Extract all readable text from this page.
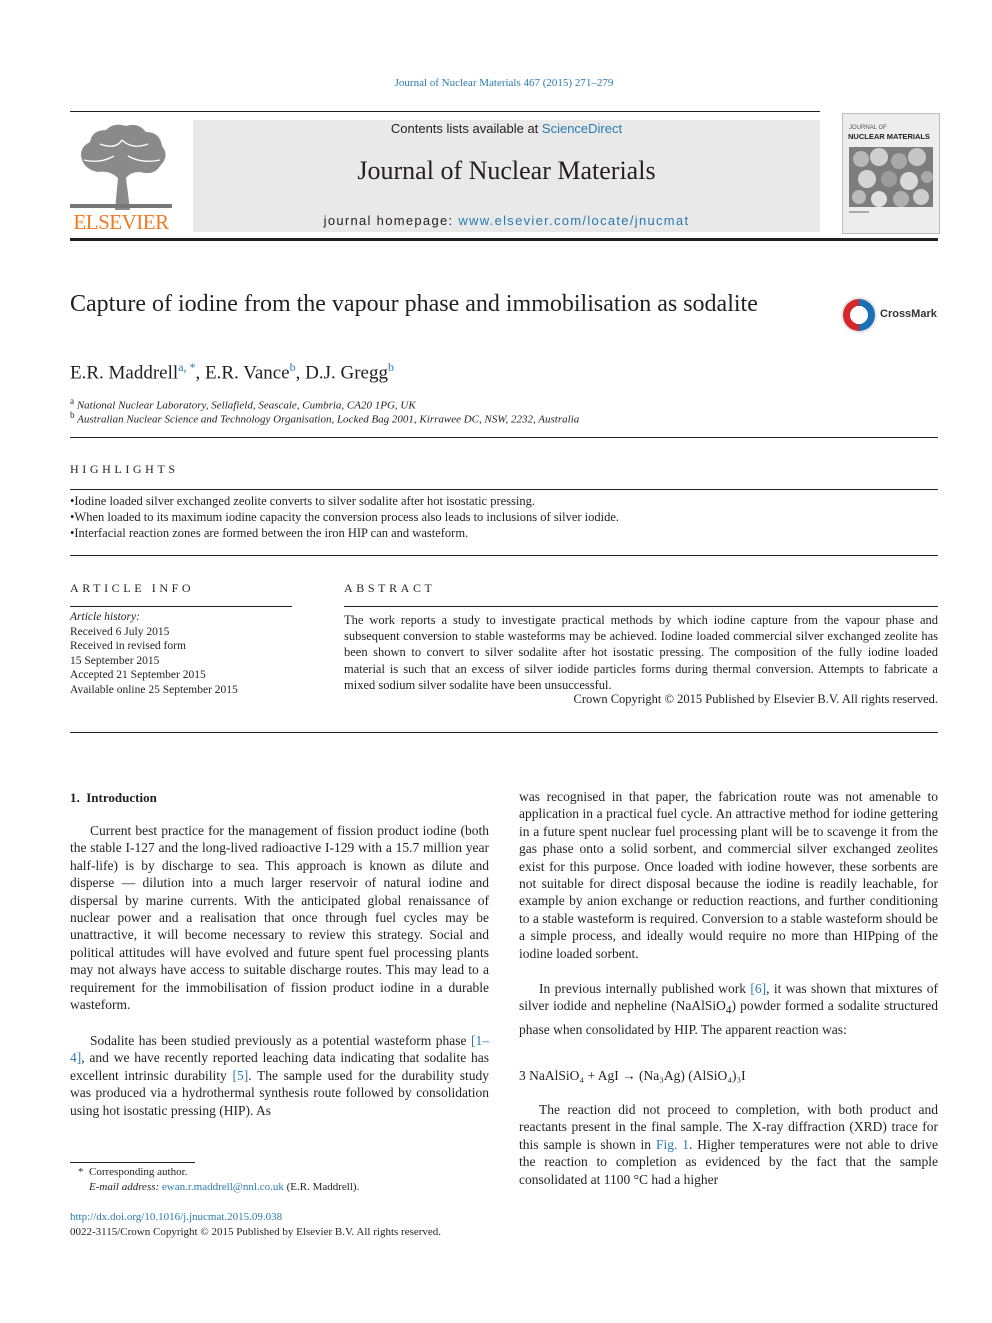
Journal of Nuclear Materials 467 (2015) 271–279
ELSEVIER
Contents lists available at ScienceDirect
Journal of Nuclear Materials
journal homepage: www.elsevier.com/locate/jnucmat
JOURNAL OF
NUCLEAR MATERIALS
Capture of iodine from the vapour phase and immobilisation as sodalite	CrossMark
E.R. Maddrell$^{a, *}$, E.R. Vance$^b$, D.J. Gregg$^b$
$^a$ National Nuclear Laboratory, Sellafield, Seascale, Cumbria, CA20 1PG, UK
$^b$ Australian Nuclear Science and Technology Organisation, Locked Bag 2001, Kirrawee DC, NSW, 2232, Australia
HIGHLIGHTS
•Iodine loaded silver exchanged zeolite converts to silver sodalite after hot isostatic pressing.
•When loaded to its maximum iodine capacity the conversion process also leads to inclusions of silver iodide.
•Interfacial reaction zones are formed between the iron HIP can and wasteform.
ARTICLE INFO
Article history:
Received 6 July 2015
Received in revised form
15 September 2015
Accepted 21 September 2015
Available online 25 September 2015
ABSTRACT
The work reports a study to investigate practical methods by which iodine capture from the vapour phase and subsequent conversion to stable wasteforms may be achieved. Iodine loaded commercial silver exchanged zeolite has been shown to convert to silver sodalite after hot isostatic pressing. The composition of the fully iodine loaded material is such that an excess of silver iodide particles forms during thermal conversion. Attempts to fabricate a mixed sodium silver sodalite have been unsuccessful.
Crown Copyright © 2015 Published by Elsevier B.V. All rights reserved.
1. Introduction

Current best practice for the management of fission product iodine (both the stable I-127 and the long-lived radioactive I-129 with a 15.7 million year half-life) is by discharge to sea. This approach is known as dilute and disperse — dilution into a much larger reservoir of natural iodine and dispersal by marine currents. With the anticipated global renaissance of nuclear power and a realisation that once through fuel cycles may be unattractive, it will become necessary to review this strategy. Social and political attitudes will have evolved and future spent fuel processing plants may not always have access to suitable discharge routes. This may lead to a requirement for the immobilisation of fission product iodine in a durable wasteform.

Sodalite has been studied previously as a potential wasteform phase [1–4], and we have recently reported leaching data indicating that sodalite has excellent intrinsic durability [5]. The sample used for the durability study was produced via a hydrothermal synthesis route followed by consolidation using hot isostatic pressing (HIP). As

was recognised in that paper, the fabrication route was not amenable to application in a practical fuel cycle. An attractive method for iodine gettering in a future spent nuclear fuel processing plant will be to scavenge it from the gas phase onto a solid sorbent, and commercial silver exchanged zeolites exist for this purpose. Once loaded with iodine however, these sorbents are not suitable for direct disposal because the iodine is readily leachable, for example by anion exchange or reduction reactions, and further conditioning to a stable wasteform is required. Conversion to a stable wasteform should be a simple process, and ideally would require no more than HIPping of the iodine loaded sorbent.

In previous internally published work [6], it was shown that mixtures of silver iodide and nepheline (NaAlSiO$_4$) powder formed a sodalite structured phase when consolidated by HIP. The apparent reaction was:

3 NaAlSiO₄ + AgI → (Na₃Ag) (AlSiO₄)₃I

The reaction did not proceed to completion, with both product and reactants present in the final sample. The X-ray diffraction (XRD) trace for this sample is shown in Fig. 1. Higher temperatures were not able to drive the reaction to completion as evidenced by the fact that the sample consolidated at 1100 °C had a higher

* Corresponding author.
E-mail address: ewan.r.maddrell@nnl.co.uk (E.R. Maddrell).
http://dx.doi.org/10.1016/j.jnucmat.2015.09.038
0022-3115/Crown Copyright © 2015 Published by Elsevier B.V. All rights reserved.
